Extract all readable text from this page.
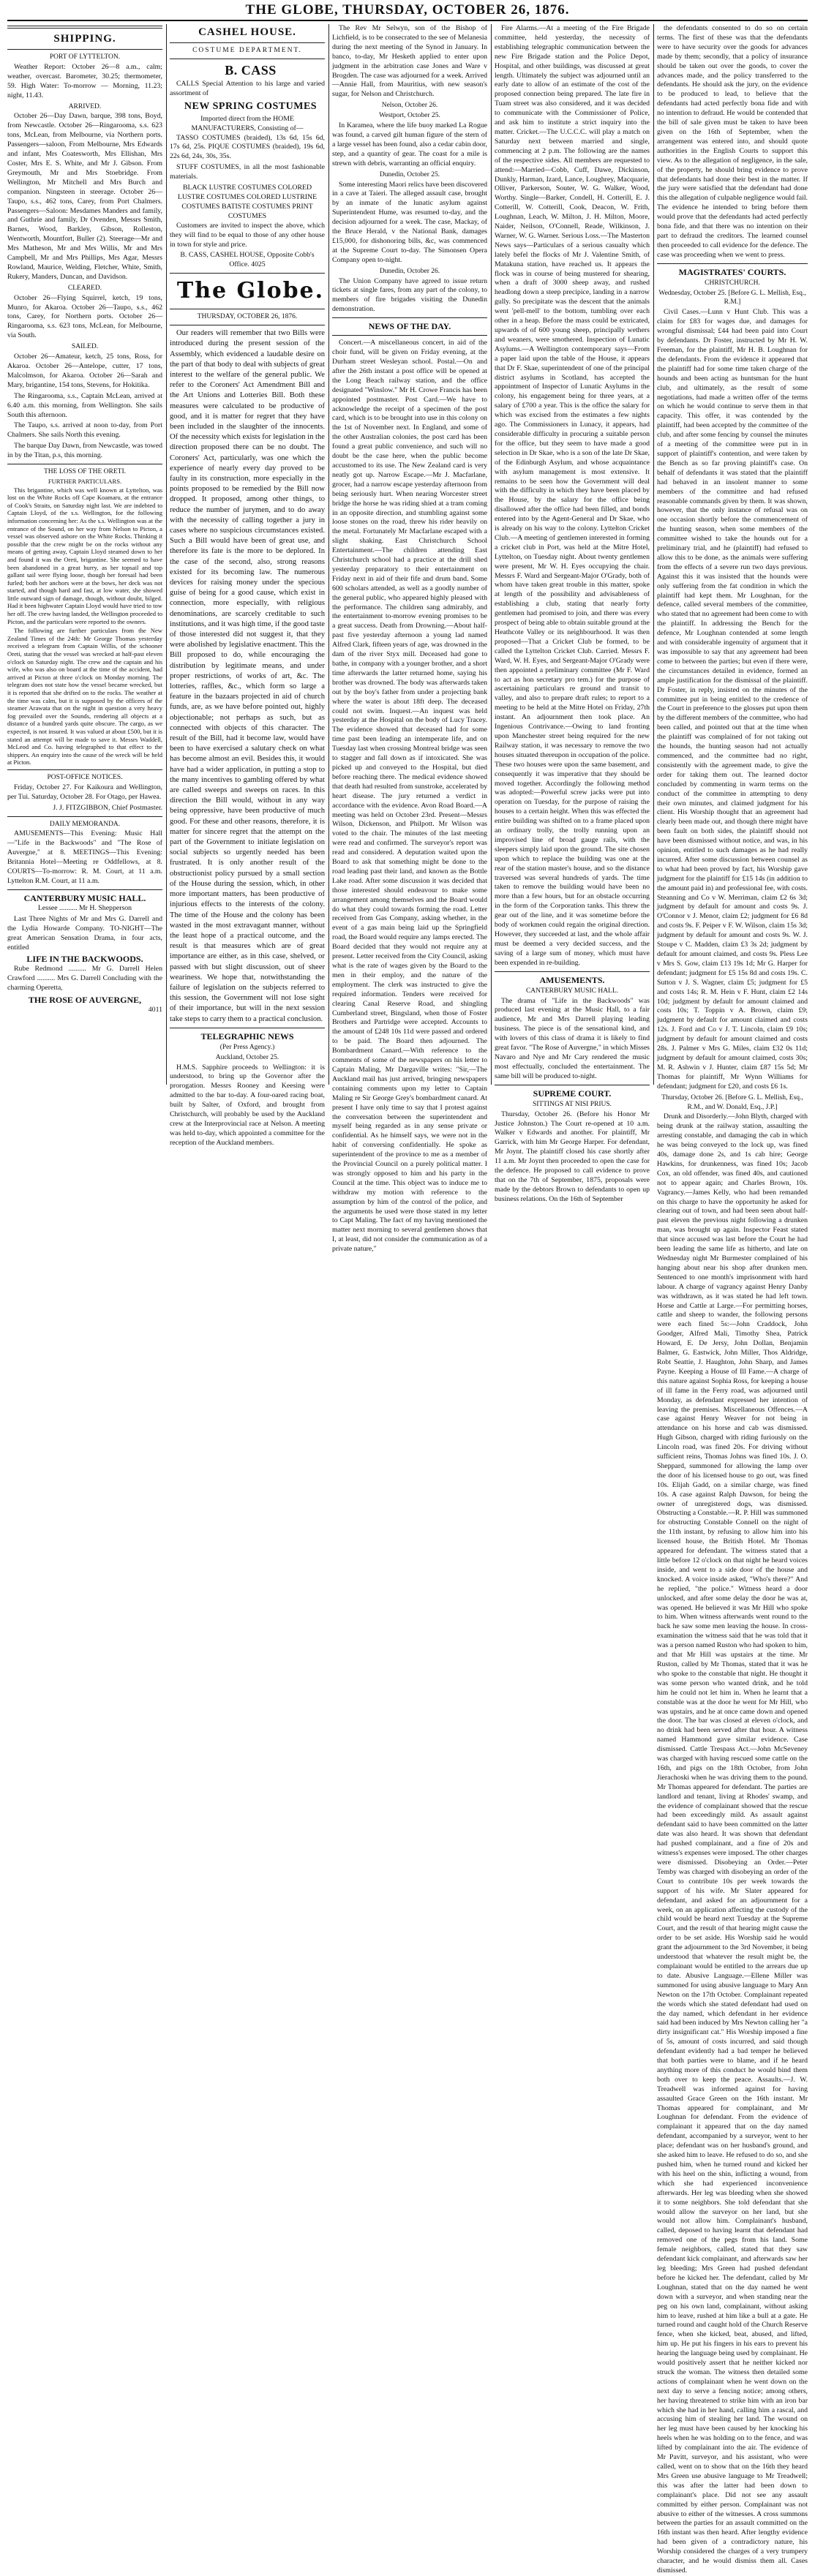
THE GLOBE, THURSDAY, OCTOBER 26, 1876.

SHIPPING.

PORT OF LYTTELTON.

Weather Report: October 26—8 a.m., calm; weather, overcast. Barometer, 30.25; thermometer, 59. High Water: To-morrow — Morning, 11.23; night, 11.43.

ARRIVED.

October 26—Day Dawn, barque, 398 tons, Boyd, from Newcastle. October 26—Ringarooma, s.s. 623 tons, McLean, from Melbourne, via Northern ports. Passengers—saloon, From Melbourne, Mrs Edwards and infant, Mrs Coatesworth, Mrs Ellishan, Mrs Coster, Mrs E. S. White, and Mr J. Gibson. From Greymouth, Mr and Mrs Stoebridge. From Wellington, Mr Mitchell and Mrs Burch and companion. Ningsteen in steerage. October 26—Taupo, s.s., 462 tons, Carey, from Port Chalmers. Passengers—Saloon: Mesdames Manders and family, and Guthrie and family, Dr Ovenden, Messrs Smith, Barnes, Wood, Barkley, Gibson, Rolleston, Wentworth, Mountfort, Buller (2). Steerage—Mr and Mrs Matheson, Mr and Mrs Willis, Mr and Mrs Campbell, Mr and Mrs Phillips, Mrs Agar, Messrs Rowland, Maurice, Welding, Fletcher, White, Smith, Rukery, Manders, Duncan, and Davidson.

CLEARED.

October 26—Flying Squirrel, ketch, 19 tons, Munro, for Akaroa. October 26—Taupo, s.s., 462 tons, Carey, for Northern ports. October 26—Ringarooma, s.s. 623 tons, McLean, for Melbourne, via South.

SAILED.

October 26—Amateur, ketch, 25 tons, Ross, for Akaroa. October 26—Antelope, cutter, 17 tons, Malcolmson, for Akaroa. October 26—Sarah and Mary, brigantine, 154 tons, Stevens, for Hokitika.

The Ringarooma, s.s., Captain McLean, arrived at 6.40 a.m. this morning, from Wellington. She sails South this afternoon.

The Taupo, s.s. arrived at noon to-day, from Port Chalmers. She sails North this evening.

The barque Day Dawn, from Newcastle, was towed in by the Titan, p.s, this morning.

THE LOSS OF THE ORETI.

FURTHER PARTICULARS.

This brigantine, which was well known at Lyttelton, was lost on the White Rocks off Cape Koamaru, at the entrance of Cook's Straits, on Saturday night last. We are indebted to Captain Lloyd, of the s.s. Wellington, for the following information concerning her: As the s.s. Wellington was at the entrance of the Sound, on her way from Nelson to Picton, a vessel was observed ashore on the White Rocks. Thinking it possible that the crew might be on the rocks without any means of getting away, Captain Lloyd steamed down to her and found it was the Oreti, brigantine. She seemed to have been abandoned in a great hurry, as her topsail and top gallant sail were flying loose, though her foresail had been furled; both her anchors were at the bows, her deck was not started, and though hard and fast, at low water, she showed little outward sign of damage, though, without doubt, bilged. Had it been highwater Captain Lloyd would have tried to tow her off. The crew having landed, the Wellington proceeded to Picton, and the particulars were reported to the owners.

The following are further particulars from the New Zealand Times of the 24th: Mr George Thomas yesterday received a telegram from Captain Willis, of the schooner Oreti, stating that the vessel was wrecked at half-past eleven o'clock on Saturday night. The crew and the captain and his wife, who was also on board at the time of the accident, had arrived at Picton at three o'clock on Monday morning. The telegram does not state how the vessel became wrecked, but it is reported that she drifted on to the rocks. The weather at the time was calm, but it is supposed by the officers of the steamer Arawata that on the night in question a very heavy fog prevailed over the Sounds, rendering all objects at a distance of a hundred yards quite obscure. The cargo, as we expected, is not insured. It was valued at about £500, but it is stated an attempt will be made to save it. Messrs Waddell, McLeod and Co. having telegraphed to that effect to the shippers. An enquiry into the cause of the wreck will be held at Picton.

POST-OFFICE NOTICES.

Friday, October 27. For Kaikoura and Wellington, per Tui. Saturday, October 28. For Otago, per Hawea.

J. J. FITZGIBBON, Chief Postmaster.

DAILY MEMORANDA.

AMUSEMENTS—This Evening: Music Hall—"Life in the Backwoods" and "The Rose of Auvergne," at 8. MEETINGS—This Evening: Britannia Hotel—Meeting re Oddfellows, at 8. COURTS—To-morrow: R. M. Court, at 11 a.m. Lyttelton R.M. Court, at 11 a.m.

CANTERBURY MUSIC HALL.

Lessee .......... Mr H. Shepperson

Last Three Nights of Mr and Mrs G. Darrell and the Lydia Howarde Company. TO-NIGHT—The great American Sensation Drama, in four acts, entitled

LIFE IN THE BACKWOODS.

Rube Redmond .......... Mr G. Darrell Helen Crawford .......... Mrs G. Darrell Concluding with the charming Operetta,

THE ROSE OF AUVERGNE,

4011

CASHEL HOUSE.

COSTUME DEPARTMENT.

B. CASS

CALLS Special Attention to his large and varied assortment of

NEW SPRING COSTUMES

Imported direct from the HOME MANUFACTURERS, Consisting of—

TASSO COSTUMES (braided), 13s 6d, 15s 6d, 17s 6d, 25s. PIQUE COSTUMES (braided), 19s 6d, 22s 6d, 24s, 30s, 35s.

STUFF COSTUMES, in all the most fashionable materials.

BLACK LUSTRE COSTUMES COLORED LUSTRE COSTUMES COLORED LUSTRINE COSTUMES BATISTE COSTUMES PRINT COSTUMES

Customers are invited to inspect the above, which they will find to be equal to those of any other house in town for style and price.

B. CASS, CASHEL HOUSE, Opposite Cobb's Office. 4025

The Globe.

THURSDAY, OCTOBER 26, 1876.

Our readers will remember that two Bills were introduced during the present session of the Assembly, which evidenced a laudable desire on the part of that body to deal with subjects of great interest to the welfare of the general public. We refer to the Coroners' Act Amendment Bill and the Art Unions and Lotteries Bill. Both these measures were calculated to be productive of good, and it is matter for regret that they have been included in the slaughter of the innocents. Of the necessity which exists for legislation in the direction proposed there can be no doubt. The Coroners' Act, particularly, was one which the experience of nearly every day proved to be faulty in its construction, more especially in the points proposed to be remedied by the Bill now dropped. It proposed, among other things, to reduce the number of jurymen, and to do away with the necessity of calling together a jury in cases where no suspicious circumstances existed. Such a Bill would have been of great use, and therefore its fate is the more to be deplored. In the case of the second, also, strong reasons existed for its becoming law. The numerous devices for raising money under the specious guise of being for a good cause, which exist in connection, more especially, with religious denominations, are scarcely creditable to such institutions, and it was high time, if the good taste of those interested did not suggest it, that they were abolished by legislative enactment. This the Bill proposed to do, while encouraging the distribution by legitimate means, and under proper restrictions, of works of art, &c. The lotteries, raffles, &c., which form so large a feature in the bazaars projected in aid of church funds, are, as we have before pointed out, highly objectionable; not perhaps as such, but as connected with objects of this character. The result of the Bill, had it become law, would have been to have exercised a salutary check on what has become almost an evil. Besides this, it would have had a wider application, in putting a stop to the many incentives to gambling offered by what are called sweeps and sweeps on races. In this direction the Bill would, without in any way being oppressive, have been productive of much good. For these and other reasons, therefore, it is matter for sincere regret that the attempt on the part of the Government to initiate legislation on social subjects so urgently needed has been frustrated. It is only another result of the obstructionist policy pursued by a small section of the House during the session, which, in other more important matters, has been productive of injurious effects to the interests of the colony. The time of the House and the colony has been wasted in the most extravagant manner, without the least hope of a practical outcome, and the result is that measures which are of great importance are either, as in this case, shelved, or passed with but slight discussion, out of sheer weariness. We hope that, notwithstanding the failure of legislation on the subjects referred to this session, the Government will not lose sight of their importance, but will in the next session take steps to carry them to a practical conclusion.

TELEGRAPHIC NEWS

(Per Press Agency.)

Auckland, October 25.

H.M.S. Sapphire proceeds to Wellington: it is understood, to bring up the Governor after the prorogation. Messrs Rooney and Keesing were admitted to the bar to-day. A four-oared racing boat, built by Salter, of Oxford, and brought from Christchurch, will probably be used by the Auckland crew at the Interprovincial race at Nelson. A meeting was held to-day, which appointed a committee for the reception of the Auckland members.

The Rev Mr Selwyn, son of the Bishop of Lichfield, is to be consecrated to the see of Melanesia during the next meeting of the Synod in January. In banco, to-day, Mr Hesketh applied to enter upon judgment in the arbitration case Jones and Ware v Brogden. The case was adjourned for a week. Arrived—Annie Hall, from Mauritius, with new season's sugar, for Nelson and Christchurch.

Nelson, October 26.

Westport, October 25.

In Karamea, where the life buoy marked La Rogue was found, a carved gilt human figure of the stern of a large vessel has been found, also a cedar cabin door, step, and a quantity of gear. The coast for a mile is strewn with debris, warranting an official enquiry.

Dunedin, October 25.

Some interesting Maori relics have been discovered in a cave at Taieri. The alleged assault case, brought by an inmate of the lunatic asylum against Superintendent Hume, was resumed to-day, and the decision adjourned for a week. The case, Mackay, of the Bruce Herald, v the National Bank, damages £15,000, for dishonoring bills, &c, was commenced at the Supreme Court to-day. The Simonsen Opera Company open to-night.

Dunedin, October 26.

The Union Company have agreed to issue return tickets at single fares, from any part of the colony, to members of fire brigades visiting the Dunedin demonstration.

NEWS OF THE DAY.

Concert.—A miscellaneous concert, in aid of the choir fund, will be given on Friday evening, at the Durham street Wesleyan school. Postal.—On and after the 26th instant a post office will be opened at the Long Beach railway station, and the office designated "Winslow." Mr H. Crowe Francis has been appointed postmaster. Post Card.—We have to acknowledge the receipt of a specimen of the post card, which is to be brought into use in this colony on the 1st of November next. In England, and some of the other Australian colonies, the post card has been found a great public convenience, and such will no doubt be the case here, when the public become accustomed to its use. The New Zealand card is very neatly got up. Narrow Escape.—Mr J. Macfarlane, grocer, had a narrow escape yesterday afternoon from being seriously hurt. When nearing Worcester street bridge the horse he was riding shied at a tram coming in an opposite direction, and stumbling against some loose stones on the road, threw his rider heavily on the metal. Fortunately Mr Macfarlane escaped with a slight shaking. East Christchurch School Entertainment.—The children attending East Christchurch school had a practice at the drill shed yesterday preparatory to their entertainment on Friday next in aid of their fife and drum band. Some 600 scholars attended, as well as a goodly number of the general public, who appeared highly pleased with the performance. The children sang admirably, and the entertainment to-morrow evening promises to be a great success. Death from Drowning.—About half-past five yesterday afternoon a young lad named Alfred Clark, fifteen years of age, was drowned in the dam of the river Styx mill. Deceased had gone to bathe, in company with a younger brother, and a short time afterwards the latter returned home, saying his brother was drowned. The body was afterwards taken out by the boy's father from under a projecting bank where the water is about 18ft deep. The deceased could not swim. Inquest.—An inquest was held yesterday at the Hospital on the body of Lucy Tracey. The evidence showed that deceased had for some time past been leading an intemperate life, and on Tuesday last when crossing Montreal bridge was seen to stagger and fall down as if intoxicated. She was picked up and conveyed to the Hospital, but died before reaching there. The medical evidence showed that death had resulted from sunstroke, accelerated by heart disease. The jury returned a verdict in accordance with the evidence. Avon Road Board.—A meeting was held on October 23rd. Present—Messrs Wilson, Dickenson, and Philpott. Mr Wilson was voted to the chair. The minutes of the last meeting were read and confirmed. The surveyor's report was read and considered. A deputation waited upon the Board to ask that something might be done to the road leading past their land, and known as the Bottle Lake road. After some discussion it was decided that those interested should endeavour to make some arrangement among themselves and the Board would do what they could towards forming the road. Letter received from Gas Company, asking whether, in the event of a gas main being laid up the Springfield road, the Board would require any lamps erected. The Board decided that they would not require any at present. Letter received from the City Council, asking what is the rate of wages given by the Board to the men in their employ, and the nature of the employment. The clerk was instructed to give the required information. Tenders were received for clearing Canal Reserve Road, and shingling Cumberland street, Bingsland, when those of Foster Brothers and Partridge were accepted. Accounts to the amount of £248 10s 11d were passed and ordered to be paid. The Board then adjourned. The Bombardment Canard.—With reference to the comments of some of the newspapers on his letter to Captain Maling, Mr Dargaville writes: "Sir,—The Auckland mail has just arrived, bringing newspapers containing comments upon my letter to Captain Maling re Sir George Grey's bombardment canard. At present I have only time to say that I protest against the conversation between the superintendent and myself being regarded as in any sense private or confidential. As he himself says, we were not in the habit of conversing confidentially. He spoke as superintendent of the province to me as a member of the Provincial Council on a purely political matter. I was strongly opposed to him and his party in the Council at the time. This object was to induce me to withdraw my motion with reference to the assumption by him of the control of the police, and the arguments he used were those stated in my letter to Capt Maling. The fact of my having mentioned the matter next morning to several gentlemen shows that I, at least, did not consider the communication as of a private nature,"

Fire Alarms.—At a meeting of the Fire Brigade committee, held yesterday, the necessity of establishing telegraphic communication between the new Fire Brigade station and the Police Depot, Hospital, and other buildings, was discussed at great length. Ultimately the subject was adjourned until an early date to allow of an estimate of the cost of the proposed connection being prepared. The late fire in Tuam street was also considered, and it was decided to communicate with the Commissioner of Police, and ask him to institute a strict inquiry into the matter. Cricket.—The U.C.C.C. will play a match on Saturday next between married and single, commencing at 2 p.m. The following are the names of the respective sides. All members are requested to attend:—Married—Cobb, Cuff, Dawe, Dickinson, Dunkly, Harman, Izard, Lance, Loughrey, Macquarie, Olliver, Parkerson, Souter, W. G. Walker, Wood, Worthy. Single—Barker, Condell, H. Cotterill, E. J. Cotterill, W. Cotterill, Cook, Deacon, W. Frith, Loughnan, Leach, W. Milton, J. H. Milton, Moore, Naider, Neilson, O'Connell, Reade, Wilkinson, J. Warner, W. G. Warner. Serious Loss.—The Masterton News says—Particulars of a serious casualty which lately befel the flocks of Mr J. Valentine Smith, of Matakuna station, have reached us. It appears the flock was in course of being mustered for shearing, when a draft of 3000 sheep away, and rushed headlong down a steep precipice, landing in a narrow gully. So precipitate was the descent that the animals went 'pell-mell' to the bottom, tumbling over each other in a heap. Before the mass could be extricated, upwards of of 600 young sheep, principally wethers and weaners, were smothered. Inspection of Lunatic Asylums.—A Wellington contemporary says—From a paper laid upon the table of the House, it appears that Dr F. Skae, superintendent of one of the principal district asylums in Scotland, has accepted the appointment of Inspector of Lunatic Asylums in the colony, his engagement being for three years, at a salary of £700 a year. This is the office the salary for which was excised from the estimates a few nights ago. The Commissioners in Lunacy, it appears, had considerable difficulty in procuring a suitable person for the office, but they seem to have made a good selection in Dr Skae, who is a son of the late Dr Skae, of the Edinburgh Asylum, and whose acquaintance with asylum management is most extensive. It remains to be seen how the Government will deal with the difficulty in which they have been placed by the House, by the salary for the office being disallowed after the office had been filled, and bonds entered into by the Agent-General and Dr Skae, who is already on his way to the colony. Lyttelton Cricket Club.—A meeting of gentlemen interested in forming a cricket club in Port, was held at the Mitre Hotel, Lyttelton, on Tuesday night. About twenty gentlemen were present, Mr W. H. Eyes occupying the chair. Messrs F. Ward and Sergeant-Major O'Grady, both of whom have taken great trouble in this matter, spoke at length of the possibility and advisableness of establishing a club, stating that nearly forty gentlemen had promised to join, and there was every prospect of being able to obtain suitable ground at the Heathcote Valley or its neighbourhood. It was then proposed—That a Cricket Club be formed, to be called the Lyttelton Cricket Club. Carried. Messrs F. Ward, W. H. Eyes, and Sergeant-Major O'Grady were then appointed a preliminary committee (Mr F. Ward to act as hon secretary pro tem.) for the purpose of ascertaining particulars re ground and transit to valley, and also to prepare draft rules; to report to a meeting to be held at the Mitre Hotel on Friday, 27th instant. An adjournment then took place. An Ingenious Contrivance.—Owing to land fronting upon Manchester street being required for the new Railway station, it was necessary to remove the two houses situated thereupon in occupation of the police. These two houses were upon the same basement, and consequently it was imperative that they should be moved together. Accordingly the following method was adopted:—Powerful screw jacks were put into operation on Tuesday, for the purpose of raising the houses to a certain height. When this was effected the entire building was shifted on to a frame placed upon an ordinary trolly, the trolly running upon an improvised line of broad gauge rails, with the sleepers simply laid upon the ground. The site chosen upon which to replace the building was one at the rear of the station master's house, and so the distance traversed was several hundreds of yards. The time taken to remove the building would have been no more than a few hours, but for an obstacle occurring in the form of the Corporation tanks. This threw the gear out of the line, and it was sometime before the body of workmen could regain the original direction. However, they succeeded at last, and the whole affair must be deemed a very decided success, and the saving of a large sum of money, which must have been expended in re-building.

AMUSEMENTS.

CANTERBURY MUSIC HALL.

The drama of "Life in the Backwoods" was produced last evening at the Music Hall, to a fair audience, Mr and Mrs Darrell playing leading business. The piece is of the sensational kind, and with lovers of this class of drama it is likely to find great favor. "The Rose of Auvergne," in which Misses Navaro and Nye and Mr Cary rendered the music most effectually, concluded the entertainment. The same bill will be produced to-night.

SUPREME COURT.

SITTINGS AT NISI PRIUS.

Thursday, October 26. (Before his Honor Mr Justice Johnston.) The Court re-opened at 10 a.m. Walker v Edwards and another. For plaintiff, Mr Garrick, with him Mr George Harper. For defendant, Mr Joynt. The plaintiff closed his case shortly after 11 a.m. Mr Joynt then proceeded to open the case for the defence. He proposed to call evidence to prove that on the 7th of September, 1875, proposals were made by the debtors Brown to defendants to open up business relations. On the 16th of September

the defendants consented to do so on certain terms. The first of these was that the defendants were to have security over the goods for advances made by them; secondly, that a policy of insurance should be taken out over the goods, to cover the advances made, and the policy transferred to the defendants. He should ask the jury, on the evidence to be produced to lead, to believe that the defendants had acted perfectly bona fide and with no intention to defraud. He would be contended that the bill of sale given must be taken to have been given on the 16th of September, when the arrangement was entered into, and should quote authorities in the English Courts to support this view. As to the allegation of negligence, in the sale, of the property, he should bring evidence to prove that defendants had done their best in the matter. If the jury were satisfied that the defendant had done this the allegation of culpable negligence would fail. The evidence he intended to bring before them would prove that the defendants had acted perfectly bona fide, and that there was no intention on their part to defraud the creditors. The learned counsel then proceeded to call evidence for the defence. The case was proceeding when we went to press.

MAGISTRATES' COURTS.

CHRISTCHURCH.

Wednesday, October 25. [Before G. L. Mellish, Esq., R.M.]

Civil Cases.—Lunn v Hunt Club. This was a claim for £83 for wages due, and damages for wrongful dismissal; £44 had been paid into Court by defendants. Dr Foster, instructed by Mr H. W. Freeman, for the plaintiff, Mr H. B. Loughnan for the defendants. From the evidence it appeared that the plaintiff had for some time taken charge of the hounds and been acting as huntsman for the hunt club, and ultimately, as the result of some negotiations, had made a written offer of the terms on which he would continue to serve them in that capacity. This offer, it was contended by the plaintiff, had been accepted by the committee of the club, and after some fencing by counsel the minutes of a meeting of the committee were put in in support of plaintiff's contention, and were taken by the Bench as so far proving plaintiff's case. On behalf of defendants it was stated that the plaintiff had behaved in an insolent manner to some members of the committee and had refused reasonable commands given by them. It was shown, however, that the only instance of refusal was on one occasion shortly before the commencement of the hunting season, when some members of the committee wished to take the hounds out for a preliminary trial, and he (plaintiff) had refused to allow this to be done, as the animals were suffering from the effects of a severe run two days previous. Against this it was insisted that the hounds were only suffering from the fat condition in which the plaintiff had kept them. Mr Loughnan, for the defence, called several members of the committee, who stated that no agreement had been come to with the plaintiff. In addressing the Bench for the defence, Mr Loughnan contended at some length and with considerable ingenuity of argument that it was impossible to say that any agreement had been come to between the parties; but even if there were, the circumstances detailed in evidence, formed an ample justification for the dismissal of the plaintiff. Dr Foster, in reply, insisted on the minutes of the committee put in being entitled to the credence of the Court in preference to the glosses put upon them by the different members of the committee, who had been called, and pointed out that at the time when the plaintiff was complained of for not taking out the hounds, the hunting season had not actually commenced, and the committee had no right, consistently with the agreement made, to give the order for taking them out. The learned doctor concluded by commenting in warm terms on the conduct of the committee in attempting to deny their own minutes, and claimed judgment for his client. His Worship thought that an agreement had clearly been made out, and though there might have been fault on both sides, the plaintiff should not have been dismissed without notice, and was, in his opinion, entitled to such damages as he had really incurred. After some discussion between counsel as to what had been proved by fact, his Worship gave judgment for the plaintiff for £15 14s (in addition to the amount paid in) and professional fee, with costs. Steanning and Co v W. Merriman, claim £2 6s 3d; judgment by default for amount and costs 9s. J. O'Connor v J. Menor, claim £2; judgment for £6 8d and costs 9s. F. Peiper v F. W. Wilson, claim 15s 3d; judgment by default for amount and costs 9s. W. J. Stoupe v C. Madden, claim £3 3s 2d; judgment by default for amount claimed, and costs 9s. Pless Lee v Mrs S. Gow, claim £13 19s 1d; Mr G. Harper for defendant; judgment for £5 15s 8d and costs 19s. C. Sutton v J. S. Wagner, claim £5; judgment for £5 and costs 14s; R. M. Hein v F. Hunt, claim £2 14s 10d; judgment by default for amount claimed and costs 10s; T. Toppin v A. Brown, claim £9; judgment by default for amount claimed and costs 12s. J. Ford and Co v J. T. Lincoln, claim £9 10s; judgment by default for amount claimed and costs 28s. J. Palmer v Mrs G. Miles, claim £32 0s 11d; judgment by default for amount claimed, costs 30s; M. R. Ashwin v J. Hunter, claim £87 15s 5d; Mr Thomas for plaintiff, Mr Wynn Williams for defendant; judgment for £20, and costs £6 1s.

Thursday, October 26. [Before G. L. Mellish, Esq., R.M., and W. Donald, Esq., J.P.]

Drunk and Disorderly.—John Blyth, charged with being drunk at the railway station, assaulting the arresting constable, and damaging the cab in which he was being conveyed to the lock up, was fined 40s, damage done 2s, and 1s cab hire; George Hawkins, for drunkenness, was fined 10s; Jacob Cox, an old offender, was fined 40s, and cautioned not to appear again; and Charles Brown, 10s. Vagrancy.—James Kelly, who had been remanded on this charge to have the opportunity he asked for clearing out of town, and had been seen about half-past eleven the previous night following a drunken man, was brought up again. Inspector Feast stated that since accused was last before the Court he had been leading the same life as hitherto, and late on Wednesday night Mr Burmester complained of his hanging about near his shop after drunken men. Sentenced to one month's imprisonment with hard labour. A charge of vagrancy against Henry Danby was withdrawn, as it was stated he had left town. Horse and Cattle at Large.—For permitting horses, cattle and sheep to wander, the following persons were each fined 5s:—John Craddock, John Goodger, Alfred Mali, Timothy Shea, Patrick Howard, E. De Jersy, John Dollan, Benjamin Balmer, G. Eastwick, John Miller, Thos Aldridge, Robt Seattie, J. Haughton, John Sharp, and James Payne. Keeping a House of Ill Fame.—A charge of this nature against Sophia Ross, for keeping a house of ill fame in the Ferry road, was adjourned until Monday, as defendant expressed her intention of leaving the premises. Miscellaneous Offences.—A case against Henry Weaver for not being in attendance on his horse and cab was dismissed. Hugh Gibson, charged with riding furiously on the Lincoln road, was fined 20s. For driving without sufficient reins, Thomas Johns was fined 10s. J. O. Sheppard, summoned for allowing the lamp over the door of his licensed house to go out, was fined 10s. Elijah Gadd, on a similar charge, was fined 10s. A case against Ralph Dawson, for being the owner of unregistered dogs, was dismissed. Obstructing a Constable.—R. P. Hill was summoned for obstructing Constable Connell on the night of the 11th instant, by refusing to allow him into his licensed house, the British Hotel. Mr Thomas appeared for defendant. The witness stated that a little before 12 o'clock on that night he heard voices inside, and went to a side door of the house and knocked. A voice inside asked, "Who's there?" And he replied, "the police." Witness heard a door unlocked, and after some delay the door he was at, was opened. He believed it was Mr Hill who spoke to him. When witness afterwards went round to the back he saw some men leaving the house. In cross-examination the witness said that he was told that it was a person named Ruston who had spoken to him, and that Mr Hill was upstairs at the time. Mr Ruston, called by Mr Thomas, stated that it was he who spoke to the constable that night. He thought it was some person who wanted drink, and he told him he could not let him in. When he learnt that a constable was at the door he went for Mr Hill, who was upstairs, and he at once came down and opened the door. The bar was closed at eleven o'clock, and no drink had been served after that hour. A witness named Hammond gave similar evidence. Case dismissed. Cattle Trespass Act.—John McSeveney was charged with having rescued some cattle on the 16th, and pigs on the 18th October, from John Jierachoski when he was driving them to the pound. Mr Thomas appeared for defendant. The parties are landlord and tenant, living at Rhodes' swamp, and the evidence of complainant showed that the rescue had been exceedingly mild. As assault against defendant said to have been committed on the latter date was also heard. It was shown that defendant had pushed complainant, and a fine of 20s and witness's expenses were imposed. The other charges were dismissed. Disobeying an Order.—Peter Temby was charged with disobeying an order of the Court to contribute 10s per week towards the support of his wife. Mr Slater appeared for defendant, and asked for an adjournment for a week, on an application affecting the custody of the child would be heard next Tuesday at the Supreme Court, and the result of that hearing might cause the order to be set aside. His Worship said he would grant the adjournment to the 3rd November, it being understood that whatever the result might be, the complainant would be entitled to the arrears due up to date. Abusive Language.—Ellene Miller was summoned for using abusive language to Mary Ann Newton on the 17th October. Complainant repeated the words which she stated defendant had used on the day named, which defendant in her evidence said had been induced by Mrs Newton calling her "a dirty insignificant cat." His Worship imposed a fine of 5s, amount of costs incurred, and said though defendant evidently had a bad temper he believed that both parties were to blame, and if he heard anything more of this conduct he would bind them both over to keep the peace. Assaults.—J. W. Treadwell was informed against for having assaulted Grace Green on the 16th instant. Mr Thomas appeared for complainant, and Mr Loughnan for defendant. From the evidence of complainant it appeared that on the day named defendant, accompanied by a surveyor, went to her place; defendant was on her husband's ground, and she asked him to leave. He refused to do so, and she pushed him, when he turned round and kicked her with his heel on the shin, inflicting a wound, from which she had experienced inconvenience afterwards. Her leg was bleeding when she showed it to some neighbors. She told defendant that she would allow the surveyor on her land, but she would not allow him. Complainant's husband, called, deposed to having learnt that defendant had removed one of the pegs from his land. Some female neighbors, called, stated that they saw defendant kick complainant, and afterwards saw her leg bleeding; Mrs Green had pushed defendant before he kicked her. The defendant, called by Mr Loughnan, stated that on the day named he went down with a surveyor, and when standing near the peg on his own land, complainant, without asking him to leave, rushed at him like a bull at a gate. He turned round and caught hold of the Church Reserve fence, when she kicked, beat, abused, and lifted, him up. He put his fingers in his ears to prevent his hearing the language being used by complainant. He would positively assert that he neither kicked nor struck the woman. The witness then detailed some actions of complainant when he went down on the next day to serve a fencing notice; among others, her having threatened to strike him with an iron bar which she had in her hand, calling him a rascal, and accusing him of stealing her land. The wound on her leg must have been caused by her knocking his heels when he was holding on to the fence, and was lifted by complainant into the air. The evidence of Mr Pavitt, surveyor, and his assistant, who were called, went on to show that on the 16th they heard Mrs Green use abusive language to Mr Treadwell; this was after the latter had been down to complainant's place. Did not see any assault committed by either person. Complainant was not abusive to either of the witnesses. A cross summons between the parties for an assault committed on the 16th instant was then heard. After lengthy evidence had been given of a contradictory nature, his Worship considered the charges of a very trumpery character, and he would dismiss them all. Cases dismissed.
